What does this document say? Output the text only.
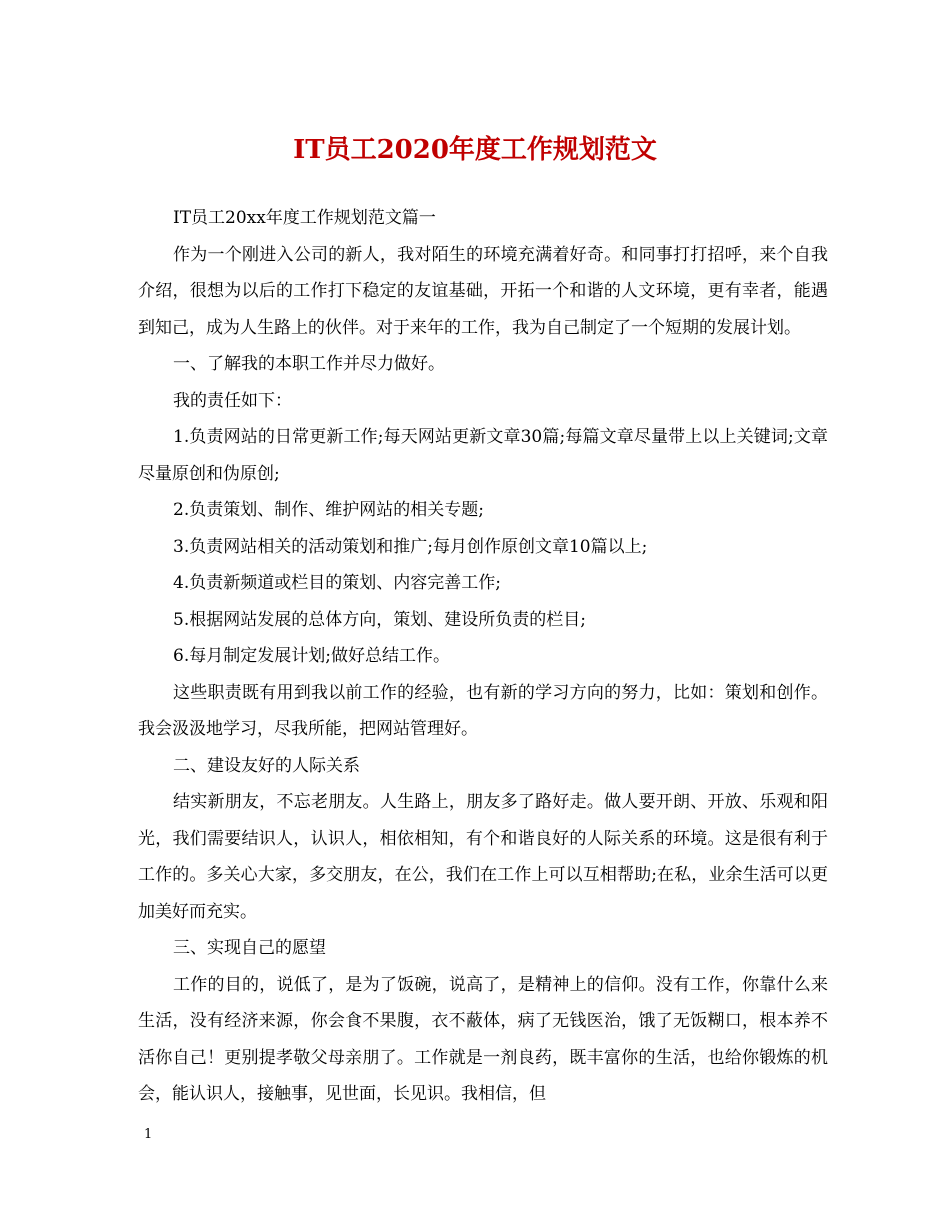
IT员工2020年度工作规划范文

IT员工20xx年度工作规划范文篇一

作为一个刚进入公司的新人，我对陌生的环境充满着好奇。和同事打打招呼，来个自我介绍，很想为以后的工作打下稳定的友谊基础，开拓一个和谐的人文环境，更有幸者，能遇到知己，成为人生路上的伙伴。对于来年的工作，我为自己制定了一个短期的发展计划。

一、了解我的本职工作并尽力做好。

我的责任如下：

1.负责网站的日常更新工作;每天网站更新文章30篇;每篇文章尽量带上以上关键词;文章尽量原创和伪原创;

2.负责策划、制作、维护网站的相关专题;

3.负责网站相关的活动策划和推广;每月创作原创文章10篇以上;

4.负责新频道或栏目的策划、内容完善工作;

5.根据网站发展的总体方向，策划、建设所负责的栏目;

6.每月制定发展计划;做好总结工作。

这些职责既有用到我以前工作的经验，也有新的学习方向的努力，比如：策划和创作。我会汲汲地学习，尽我所能，把网站管理好。

二、建设友好的人际关系

结实新朋友，不忘老朋友。人生路上，朋友多了路好走。做人要开朗、开放、乐观和阳光，我们需要结识人，认识人，相依相知，有个和谐良好的人际关系的环境。这是很有利于工作的。多关心大家，多交朋友，在公，我们在工作上可以互相帮助;在私，业余生活可以更加美好而充实。

三、实现自己的愿望

工作的目的，说低了，是为了饭碗，说高了，是精神上的信仰。没有工作，你靠什么来生活，没有经济来源，你会食不果腹，衣不蔽体，病了无钱医治，饿了无饭糊口，根本养不活你自己！更别提孝敬父母亲朋了。工作就是一剂良药，既丰富你的生活，也给你锻炼的机会，能认识人，接触事，见世面，长见识。我相信，但

1
